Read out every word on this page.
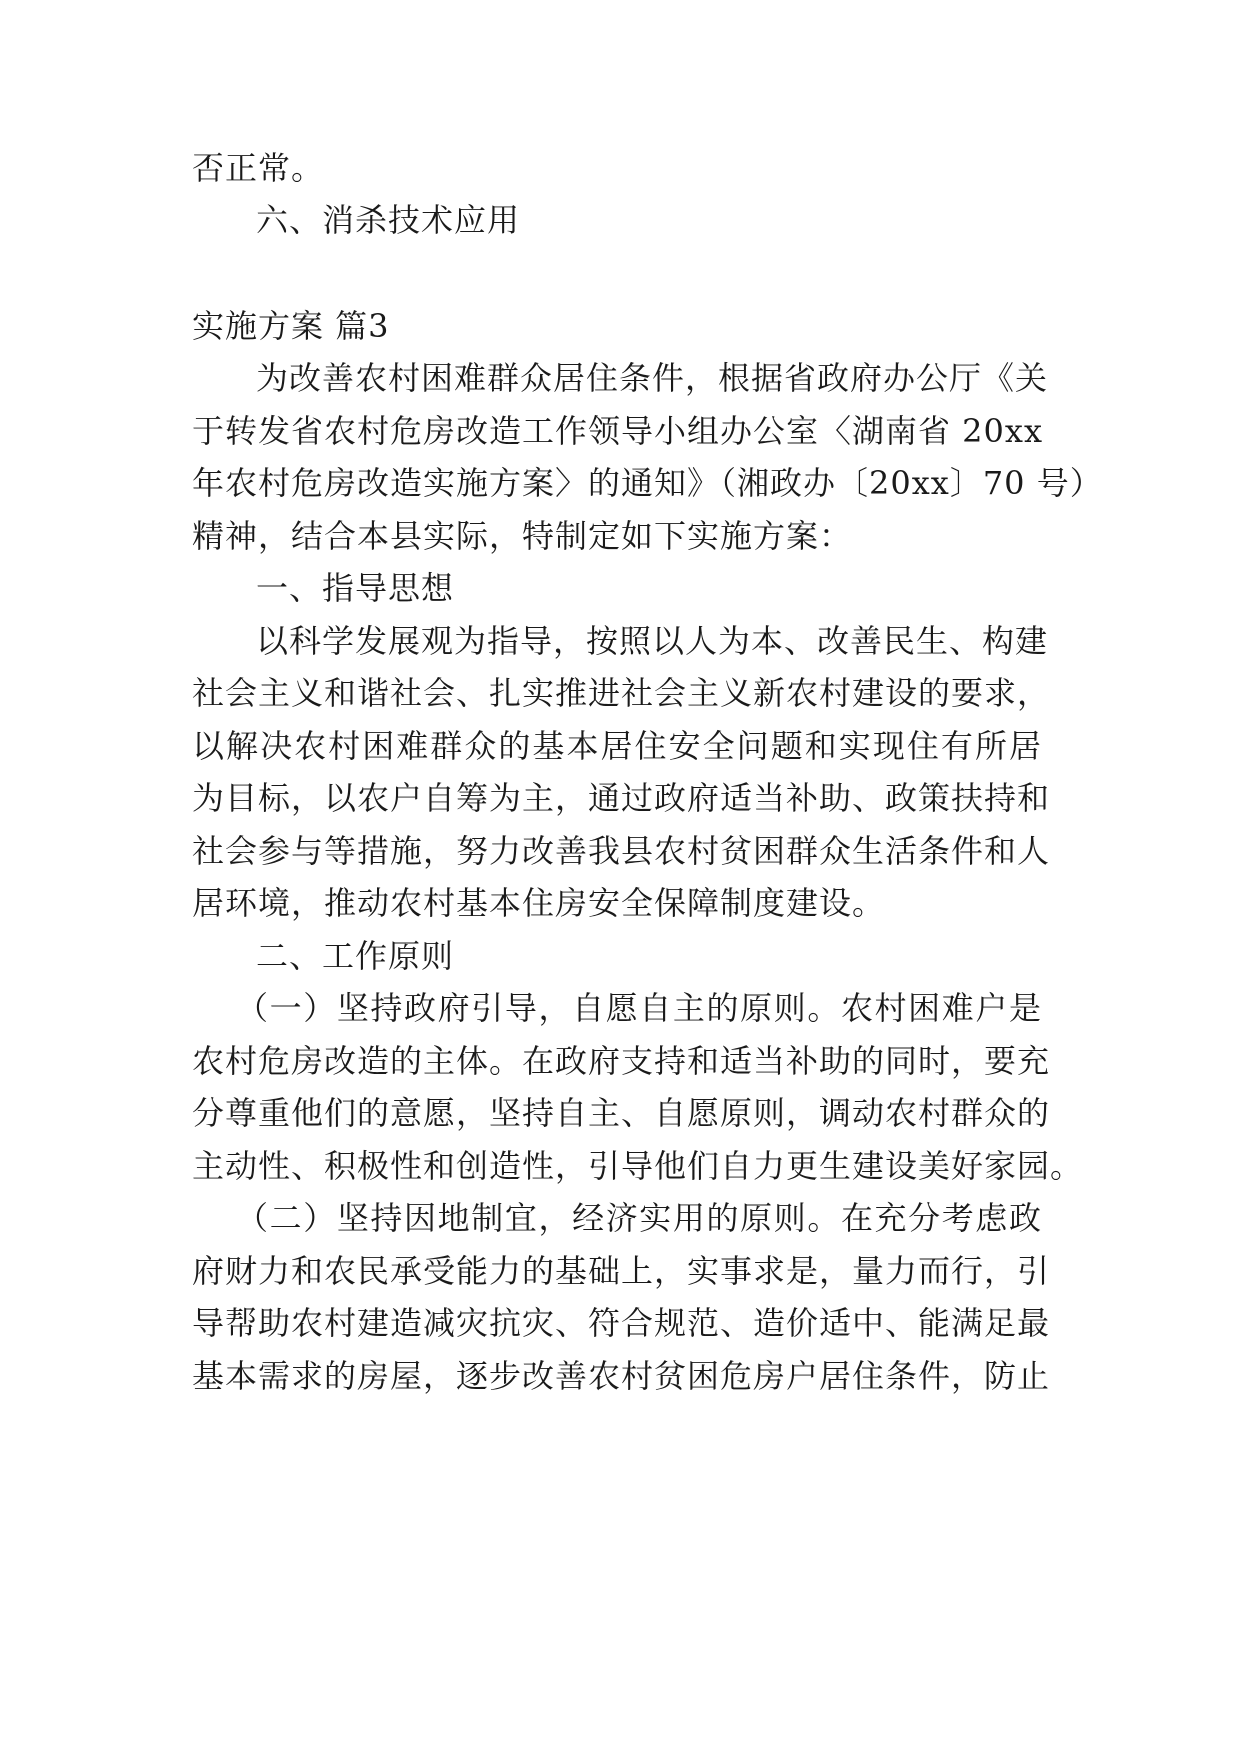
否正常。
六、消杀技术应用
实施方案 篇3
为改善农村困难群众居住条件，根据省政府办公厅《关
于转发省农村危房改造工作领导小组办公室〈湖南省 20xx
年农村危房改造实施方案〉的通知》（湘政办〔20xx〕70 号）
精神，结合本县实际，特制定如下实施方案：
一、指导思想
以科学发展观为指导，按照以人为本、改善民生、构建
社会主义和谐社会、扎实推进社会主义新农村建设的要求，
以解决农村困难群众的基本居住安全问题和实现住有所居
为目标，以农户自筹为主，通过政府适当补助、政策扶持和
社会参与等措施，努力改善我县农村贫困群众生活条件和人
居环境，推动农村基本住房安全保障制度建设。
二、工作原则
（一）坚持政府引导，自愿自主的原则。农村困难户是
农村危房改造的主体。在政府支持和适当补助的同时，要充
分尊重他们的意愿，坚持自主、自愿原则，调动农村群众的
主动性、积极性和创造性，引导他们自力更生建设美好家园。
（二）坚持因地制宜，经济实用的原则。在充分考虑政
府财力和农民承受能力的基础上，实事求是，量力而行，引
导帮助农村建造减灾抗灾、符合规范、造价适中、能满足最
基本需求的房屋，逐步改善农村贫困危房户居住条件，防止
